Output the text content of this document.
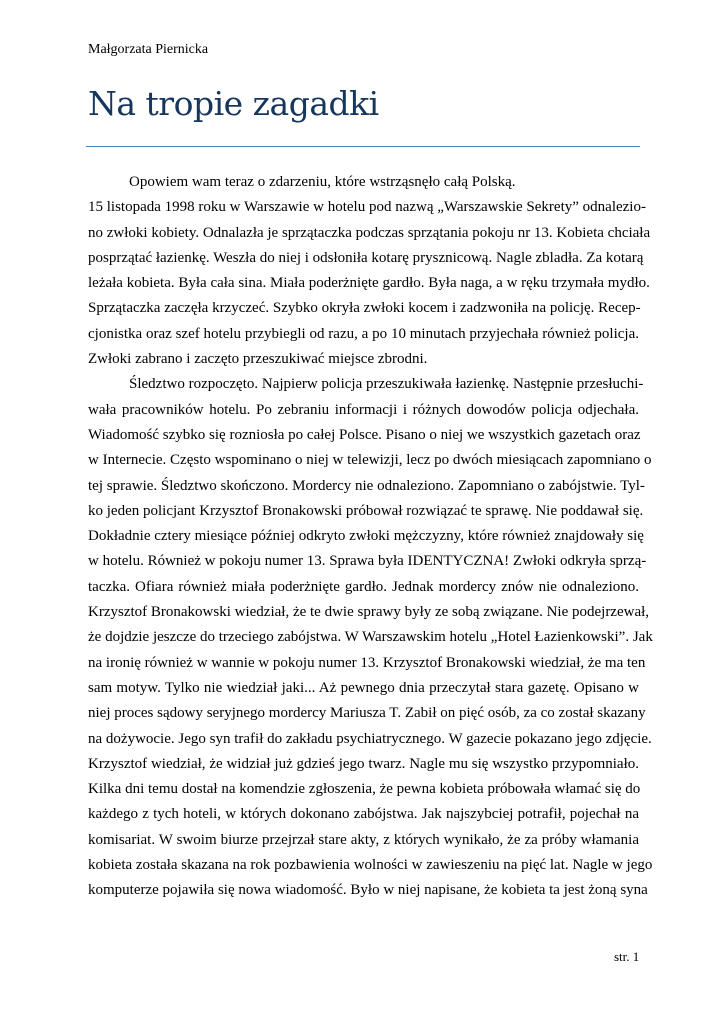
Małgorzata Piernicka
Na tropie zagadki
Opowiem wam teraz o zdarzeniu, które wstrząsnęło całą Polską.
15 listopada 1998 roku w Warszawie w hotelu pod nazwą „Warszawskie Sekrety” odnalezio-
no zwłoki kobiety. Odnalazła je sprzątaczka podczas sprzątania pokoju nr 13. Kobieta chciała
posprzątać łazienkę. Weszła do niej i odsłoniła kotarę prysznicową. Nagle zbladła. Za kotarą
leżała kobieta. Była cała sina. Miała poderżnięte gardło. Była naga, a w ręku trzymała mydło.
Sprzątaczka zaczęła krzyczeć. Szybko okryła zwłoki kocem i zadzwoniła na policję. Recep-
cjonistka oraz szef hotelu przybiegli od razu, a po 10 minutach przyjechała również policja.
Zwłoki zabrano i zaczęto przeszukiwać miejsce zbrodni.
Śledztwo rozpoczęto. Najpierw policja przeszukiwała łazienkę. Następnie przesłuchi-
wała pracowników hotelu. Po zebraniu informacji i różnych dowodów policja odjechała.
Wiadomość szybko się rozniosła po całej Polsce. Pisano o niej we wszystkich gazetach oraz
w Internecie. Często wspominano o niej w telewizji, lecz po dwóch miesiącach zapomniano o
tej sprawie. Śledztwo skończono. Mordercy nie odnaleziono. Zapomniano o zabójstwie. Tyl-
ko jeden policjant Krzysztof Bronakowski próbował rozwiązać te sprawę. Nie poddawał się.
Dokładnie cztery miesiące później odkryto zwłoki mężczyzny, które również znajdowały się
w hotelu. Również w pokoju numer 13. Sprawa była IDENTYCZNA! Zwłoki odkryła sprzą-
taczka. Ofiara również miała poderżnięte gardło. Jednak mordercy znów nie odnaleziono.
Krzysztof Bronakowski wiedział, że te dwie sprawy były ze sobą związane. Nie podejrzewał,
że dojdzie jeszcze do trzeciego zabójstwa. W Warszawskim hotelu „Hotel Łazienkowski”. Jak
na ironię również w wannie w pokoju numer 13. Krzysztof Bronakowski wiedział, że ma ten
sam motyw. Tylko nie wiedział jaki... Aż pewnego dnia przeczytał stara gazetę. Opisano w
niej proces sądowy seryjnego mordercy Mariusza T. Zabił on pięć osób, za co został skazany
na dożywocie. Jego syn trafił do zakładu psychiatrycznego. W gazecie pokazano jego zdjęcie.
Krzysztof wiedział, że widział już gdzieś jego twarz. Nagle mu się wszystko przypomniało.
Kilka dni temu dostał na komendzie zgłoszenia, że pewna kobieta próbowała włamać się do
każdego z tych hoteli, w których dokonano zabójstwa. Jak najszybciej potrafił, pojechał na
komisariat. W swoim biurze przejrzał stare akty, z których wynikało, że za próby włamania
kobieta została skazana na rok pozbawienia wolności w zawieszeniu na pięć lat. Nagle w jego
komputerze pojawiła się nowa wiadomość. Było w niej napisane, że kobieta ta jest żoną syna
str. 1
